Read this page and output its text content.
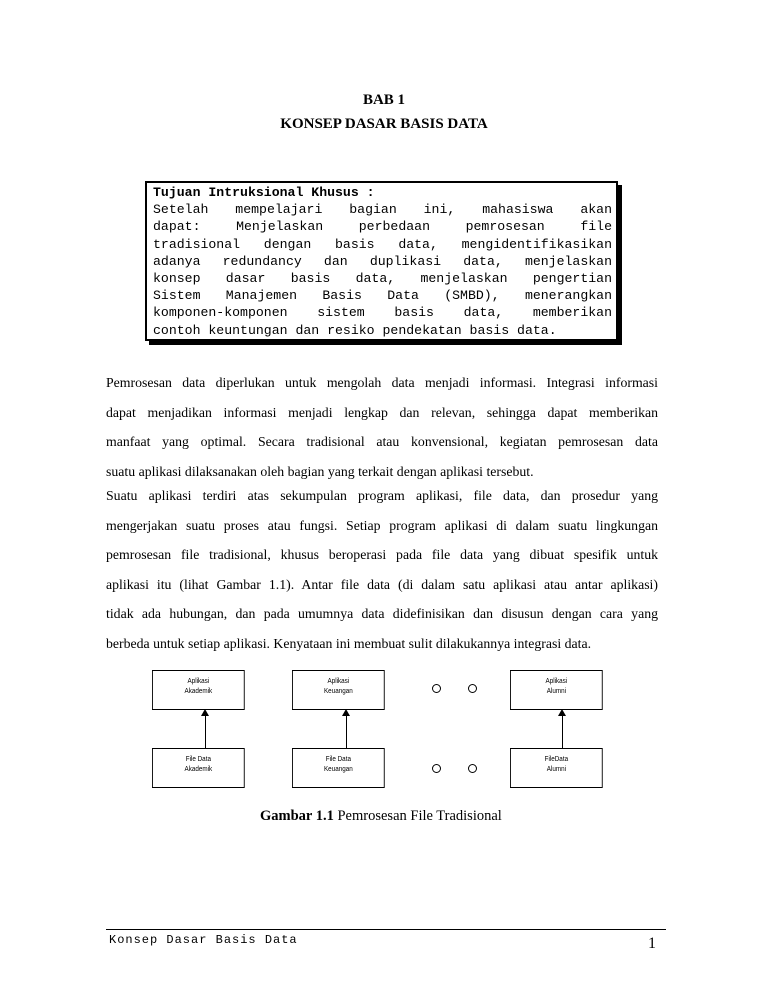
BAB 1
KONSEP DASAR BASIS DATA
Tujuan Intruksional Khusus :
Setelah mempelajari bagian ini, mahasiswa akan
dapat: Menjelaskan perbedaan pemrosesan file
tradisional dengan basis data, mengidentifikasikan
adanya redundancy dan duplikasi data, menjelaskan
konsep dasar basis data, menjelaskan pengertian
Sistem Manajemen Basis Data (SMBD), menerangkan
komponen-komponen sistem basis data, memberikan
contoh keuntungan dan resiko pendekatan basis data.
Pemrosesan data diperlukan untuk mengolah data menjadi informasi. Integrasi informasi
dapat menjadikan informasi menjadi lengkap dan relevan, sehingga dapat memberikan
manfaat yang optimal. Secara tradisional atau konvensional, kegiatan pemrosesan data
suatu aplikasi dilaksanakan oleh bagian yang terkait dengan aplikasi tersebut.
Suatu aplikasi terdiri atas sekumpulan program aplikasi, file data, dan prosedur yang
mengerjakan suatu proses atau fungsi. Setiap program aplikasi di dalam suatu lingkungan
pemrosesan file tradisional, khusus beroperasi pada file data yang dibuat spesifik untuk
aplikasi itu (lihat Gambar 1.1). Antar file data (di dalam satu aplikasi atau antar aplikasi)
tidak ada hubungan, dan pada umumnya data didefinisikan dan disusun dengan cara yang
berbeda untuk setiap aplikasi. Kenyataan ini membuat sulit dilakukannya integrasi data.
Aplikasi
Akademik
Aplikasi
Keuangan
Aplikasi
Alumni
File Data
Akademik
File Data
Keuangan
FileData
Alumni
Gambar 1.1 Pemrosesan File Tradisional
Konsep Dasar Basis Data	1
